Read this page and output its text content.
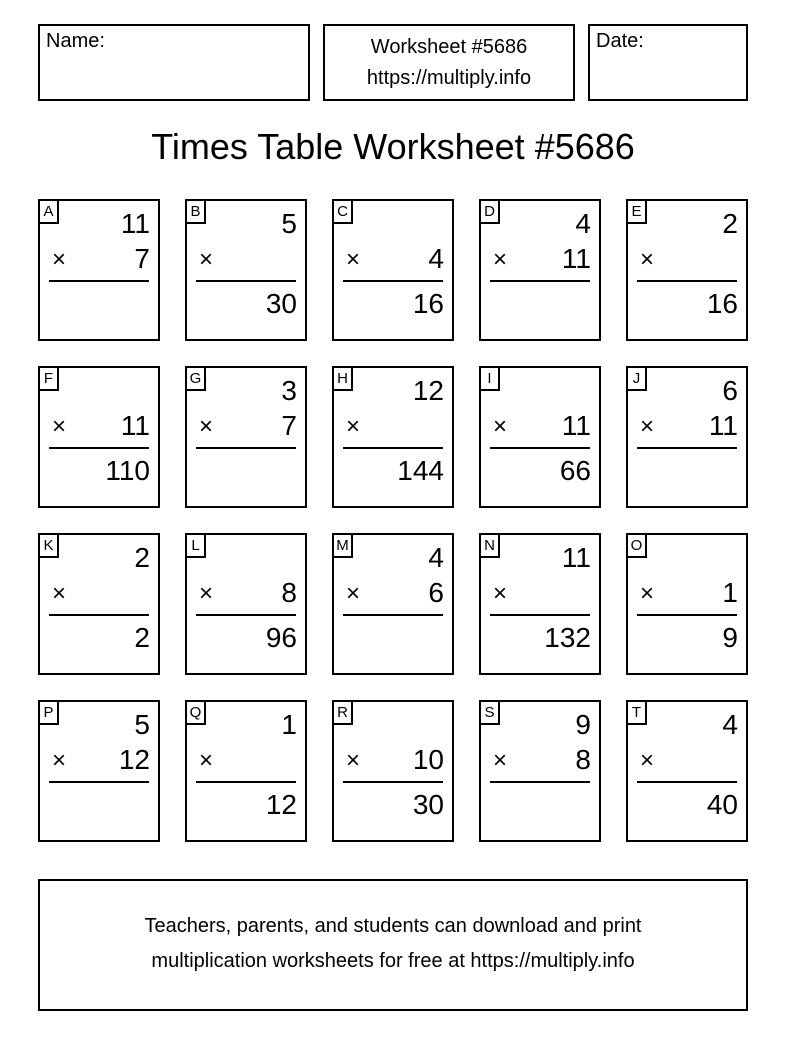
Name:	Worksheet #5686
https://multiply.info
Date:
Times Table Worksheet #5686
A 11
× 7
B	5
×
30
C
× 4
16
D	4
× 11
E	2
×
16
F
× 11
110
G	3
× 7
H 12
×
144
I
× 11
66
J	6
× 11
K	2
×
2
L
× 8
96
M	4
× 6
N 11
×
132
O
× 1
9
P	5
× 12
Q	1
×
12
R
× 10
30
S	9
× 8
T	4
×
40
Teachers, parents, and students can download and print
multiplication worksheets for free at https://multiply.info
